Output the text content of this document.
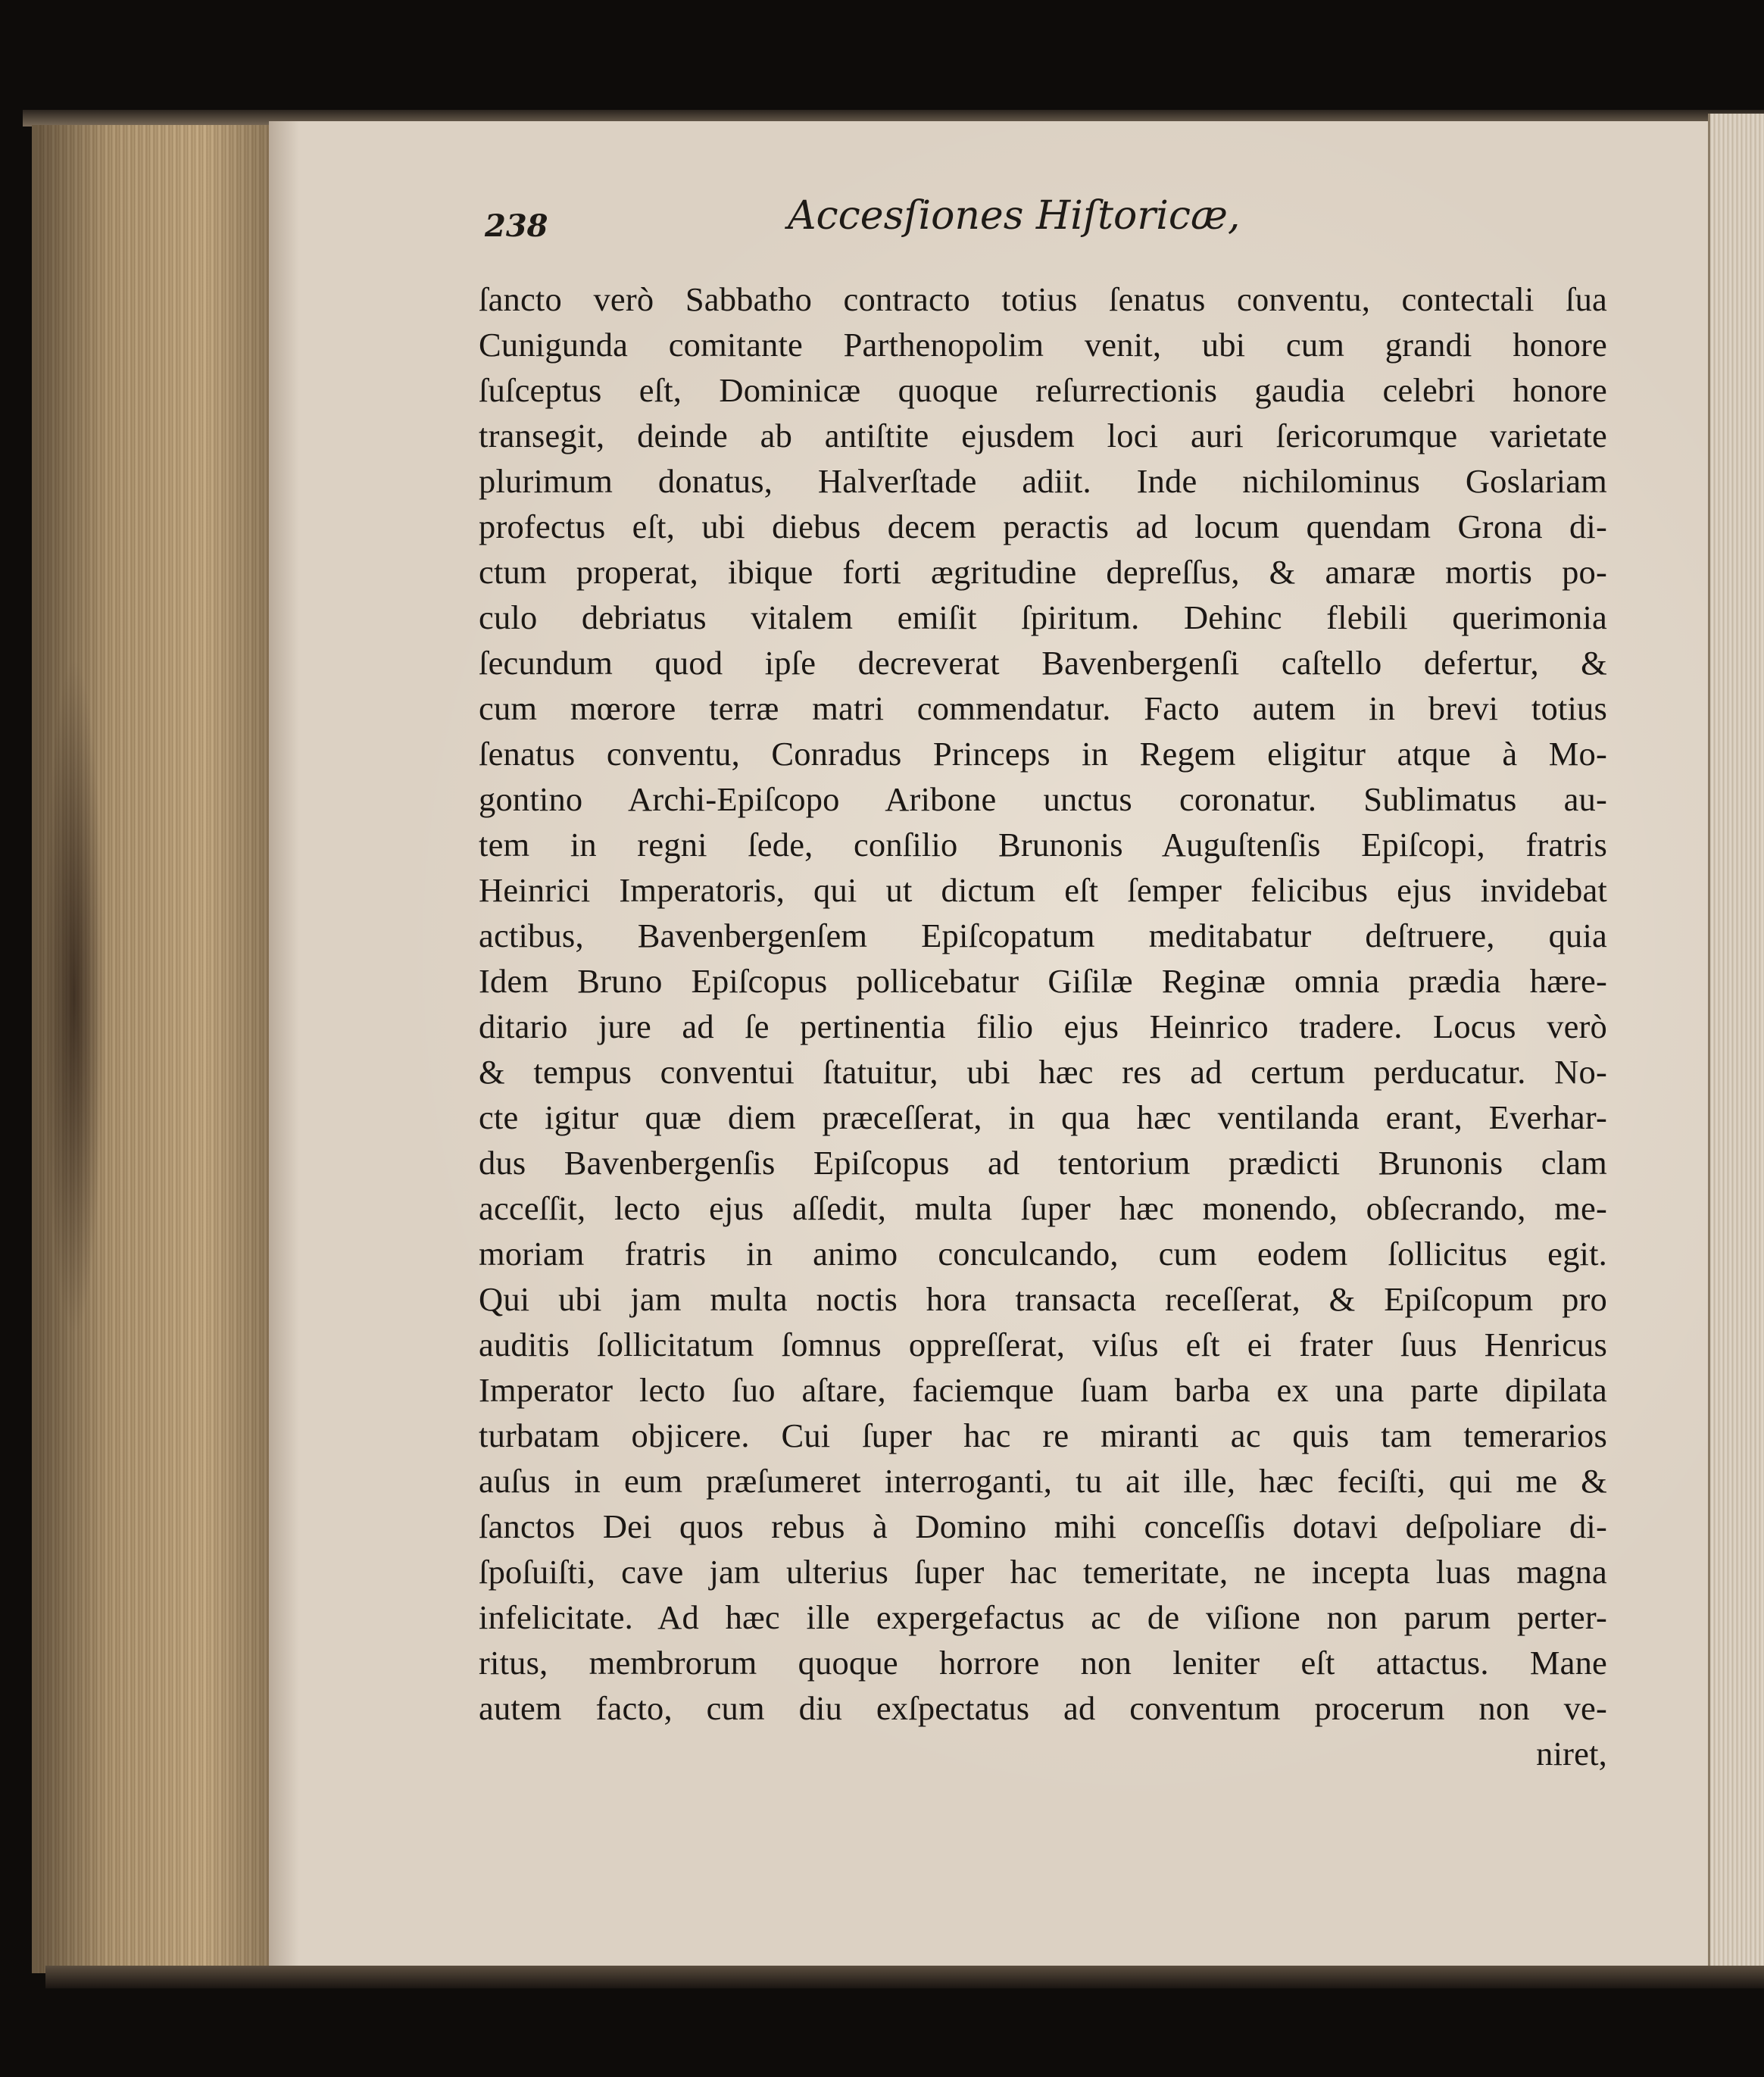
238	Accesſiones Hiſtoricæ,
ſancto verò Sabbatho contracto totius ſenatus conventu, contectali ſua
Cunigunda comitante Parthenopolim venit, ubi cum grandi honore
ſuſceptus eſt, Dominicæ quoque reſurrectionis gaudia celebri honore
transegit, deinde ab antiſtite ejusdem loci auri ſericorumque varietate
plurimum donatus, Halverſtade adiit. Inde nichilominus Goslariam
profectus eſt, ubi diebus decem peractis ad locum quendam Grona di-
ctum properat, ibique forti ægritudine depreſſus, & amaræ mortis po-
culo debriatus vitalem emiſit ſpiritum. Dehinc flebili querimonia
ſecundum quod ipſe decreverat Bavenbergenſi caſtello defertur, &
cum mœrore terræ matri commendatur. Facto autem in brevi totius
ſenatus conventu, Conradus Princeps in Regem eligitur atque à Mo-
gontino Archi-Epiſcopo Aribone unctus coronatur. Sublimatus au-
tem in regni ſede, conſilio Brunonis Auguſtenſis Epiſcopi, fratris
Heinrici Imperatoris, qui ut dictum eſt ſemper felicibus ejus invidebat
actibus, Bavenbergenſem Epiſcopatum meditabatur deſtruere, quia
Idem Bruno Epiſcopus pollicebatur Giſilæ Reginæ omnia prædia hære-
ditario jure ad ſe pertinentia filio ejus Heinrico tradere. Locus verò
& tempus conventui ſtatuitur, ubi hæc res ad certum perducatur. No-
cte igitur quæ diem præceſſerat, in qua hæc ventilanda erant, Everhar-
dus Bavenbergenſis Epiſcopus ad tentorium prædicti Brunonis clam
acceſſit, lecto ejus aſſedit, multa ſuper hæc monendo, obſecrando, me-
moriam fratris in animo conculcando, cum eodem ſollicitus egit.
Qui ubi jam multa noctis hora transacta receſſerat, & Epiſcopum pro
auditis ſollicitatum ſomnus oppreſſerat, viſus eſt ei frater ſuus Henricus
Imperator lecto ſuo aſtare, faciemque ſuam barba ex una parte dipilata
turbatam objicere. Cui ſuper hac re miranti ac quis tam temerarios
auſus in eum præſumeret interroganti, tu ait ille, hæc feciſti, qui me &
ſanctos Dei quos rebus à Domino mihi conceſſis dotavi deſpoliare di-
ſpoſuiſti, cave jam ulterius ſuper hac temeritate, ne incepta luas magna
infelicitate. Ad hæc ille expergefactus ac de viſione non parum perter-
ritus, membrorum quoque horrore non leniter eſt attactus. Mane
autem facto, cum diu exſpectatus ad conventum procerum non ve-
niret,
